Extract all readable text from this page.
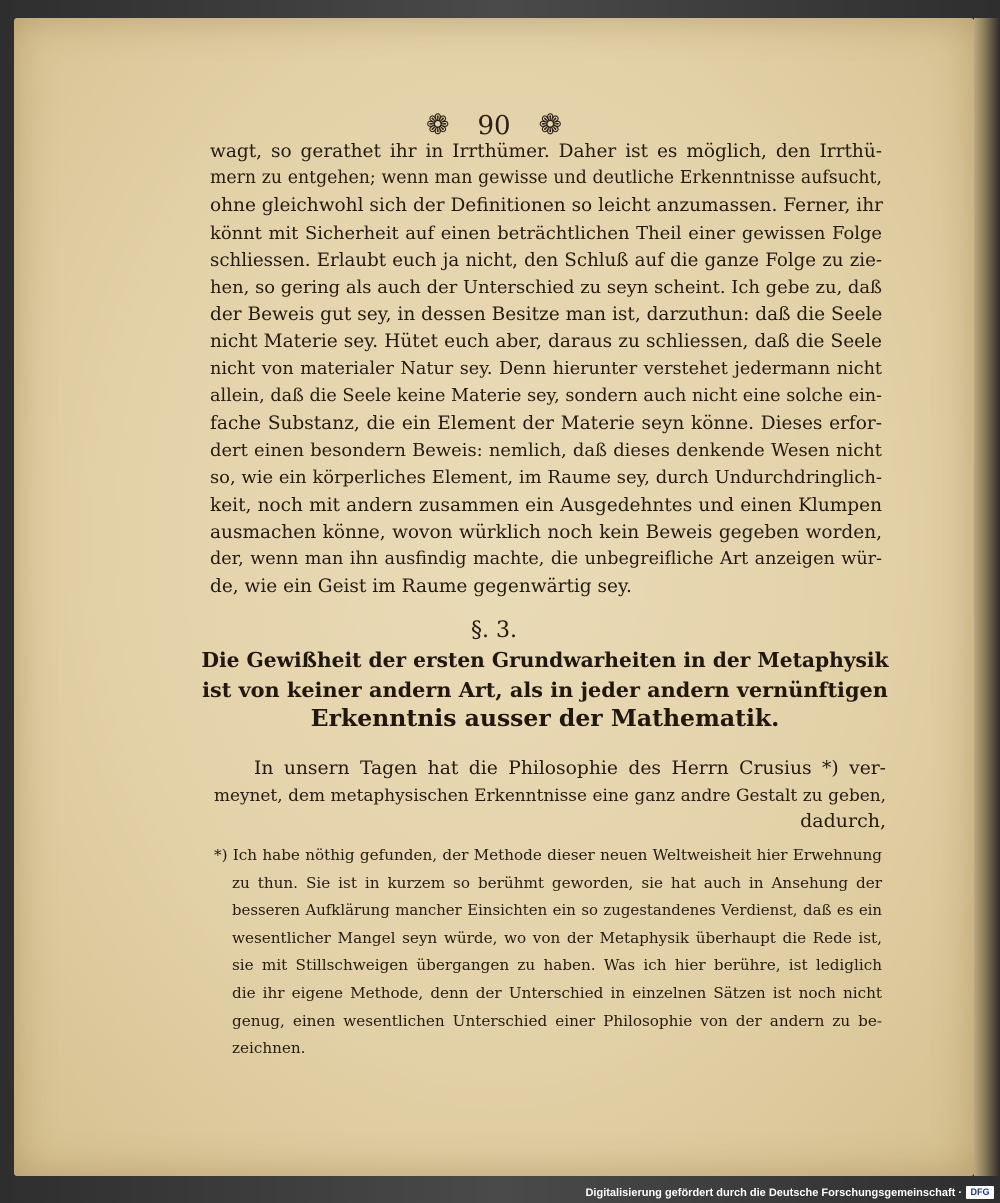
❁ 90 ❁
wagt, so gerathet ihr in Irrthümer. Daher ist es möglich, den Irrthü-
mern zu entgehen; wenn man gewisse und deutliche Erkenntnisse aufsucht,
ohne gleichwohl sich der Definitionen so leicht anzumassen. Ferner, ihr
könnt mit Sicherheit auf einen beträchtlichen Theil einer gewissen Folge
schliessen. Erlaubt euch ja nicht, den Schluß auf die ganze Folge zu zie-
hen, so gering als auch der Unterschied zu seyn scheint. Ich gebe zu, daß
der Beweis gut sey, in dessen Besitze man ist, darzuthun: daß die Seele
nicht Materie sey. Hütet euch aber, daraus zu schliessen, daß die Seele
nicht von materialer Natur sey. Denn hierunter verstehet jedermann nicht
allein, daß die Seele keine Materie sey, sondern auch nicht eine solche ein-
fache Substanz, die ein Element der Materie seyn könne. Dieses erfor-
dert einen besondern Beweis: nemlich, daß dieses denkende Wesen nicht
so, wie ein körperliches Element, im Raume sey, durch Undurchdringlich-
keit, noch mit andern zusammen ein Ausgedehntes und einen Klumpen
ausmachen könne, wovon würklich noch kein Beweis gegeben worden,
der, wenn man ihn ausfindig machte, die unbegreifliche Art anzeigen wür-
de, wie ein Geist im Raume gegenwärtig sey.
§. 3.
Die Gewißheit der ersten Grundwarheiten in der Metaphysik
ist von keiner andern Art, als in jeder andern vernünftigen
Erkenntnis ausser der Mathematik.
In unsern Tagen hat die Philosophie des Herrn Crusius *) ver-
meynet, dem metaphysischen Erkenntnisse eine ganz andre Gestalt zu geben,
dadurch,
*) Ich habe nöthig gefunden, der Methode dieser neuen Weltweisheit hier Erwehnung
zu thun. Sie ist in kurzem so berühmt geworden, sie hat auch in Ansehung der
besseren Aufklärung mancher Einsichten ein so zugestandenes Verdienst, daß es ein
wesentlicher Mangel seyn würde, wo von der Metaphysik überhaupt die Rede ist,
sie mit Stillschweigen übergangen zu haben. Was ich hier berühre, ist lediglich
die ihr eigene Methode, denn der Unterschied in einzelnen Sätzen ist noch nicht
genug, einen wesentlichen Unterschied einer Philosophie von der andern zu be-
zeichnen.
Digitalisierung gefördert durch die Deutsche Forschungsgemeinschaft · DFG
